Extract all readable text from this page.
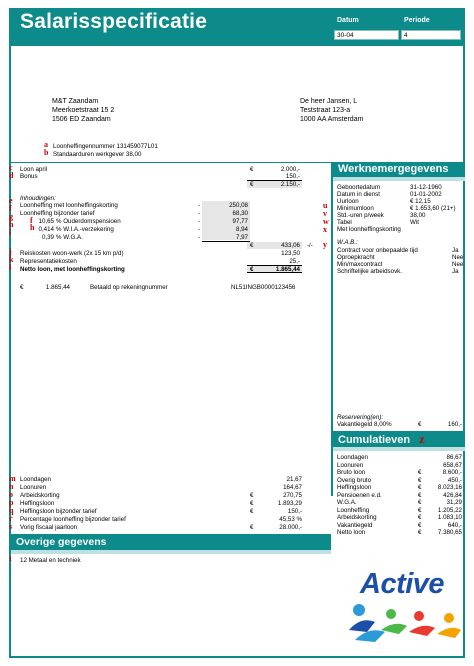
Salarisspecificatie	Datum	Periode
30-04	4
M&T Zaandam
Meerkoetstraat 15 2
1506 ED Zaandam
De heer Jansen, L
Teststraat 123-a
1000 AA Amsterdam
a
b
Loonheffingennummer 131459077L01
Standaarduren werkgever 38,00
c
d
Loon april	€	2.000,-
Bonus	150,-
€	2.150,-
Inhoudingen:
e
f
g
h
i
f
h
Loonheffing met loonheffingskorting	-	250,08
Loonheffing bijzonder tarief	-	68,30
10,65 % Ouderdomspensioen	-	97,77
0,414 % W.I.A.-verzekering	-	8,94
0,39 % W.G.A.	-	7,97
€	433,06 -/- y
j
k
l
Reiskosten woon-werk (2x 15 km p/d)	123,50
Representatiekosten	25,-
Netto loon, met loonheffingskorting	€	1.865,44
€	1.865,44	Betaald op rekeningnummer	NL51INGB0000123456
Werknemergegevens
u
v
w
x
Geboortedatum	31-12-1960
Datum in dienst	01-01-2002
Uurloon	€ 12,15
Minimumloon	€ 1.653,60 (21+)
Std.-uren p/week	38,00
Tabel	Wit
Met loonheffingskorting
W.A.B.:
Contract voor onbepaalde tijd	Ja
Oproepkracht	Nee
Min/maxcontract	Nee
Schriftelijke arbeidsovk.	Ja
Reservering(en):
Vakantiegeld 8,00%	€	160,-
Cumulatieven z
Loondagen	86,67
Loonuren	658,67
Bruto loon	€	8.600,-
Overig bruto	€	450,-
Heffingsloon	€	8.023,16
Pensioenen e.d.	€	426,84
W.G.A.	€	31,29
Loonheffing	€	1.205,22
Arbeidskorting	€	1.083,10
Vakantiegeld	€	640,-
Netto loon	€	7.380,65
Loondagen	21,67
Loonuren	164,67
Arbeidskorting	€	270,75
Heffingsloon	€	1.893,29
Heffingsloon bijzonder tarief	€	150,-
Percentage loonheffing bijzonder tarief	45,53 %
Vorig fiscaal jaarloon	€	28.000,-
m
n
o
p
q
r
s
Overige gegevens
t 12 Metaal en techniek
Active
